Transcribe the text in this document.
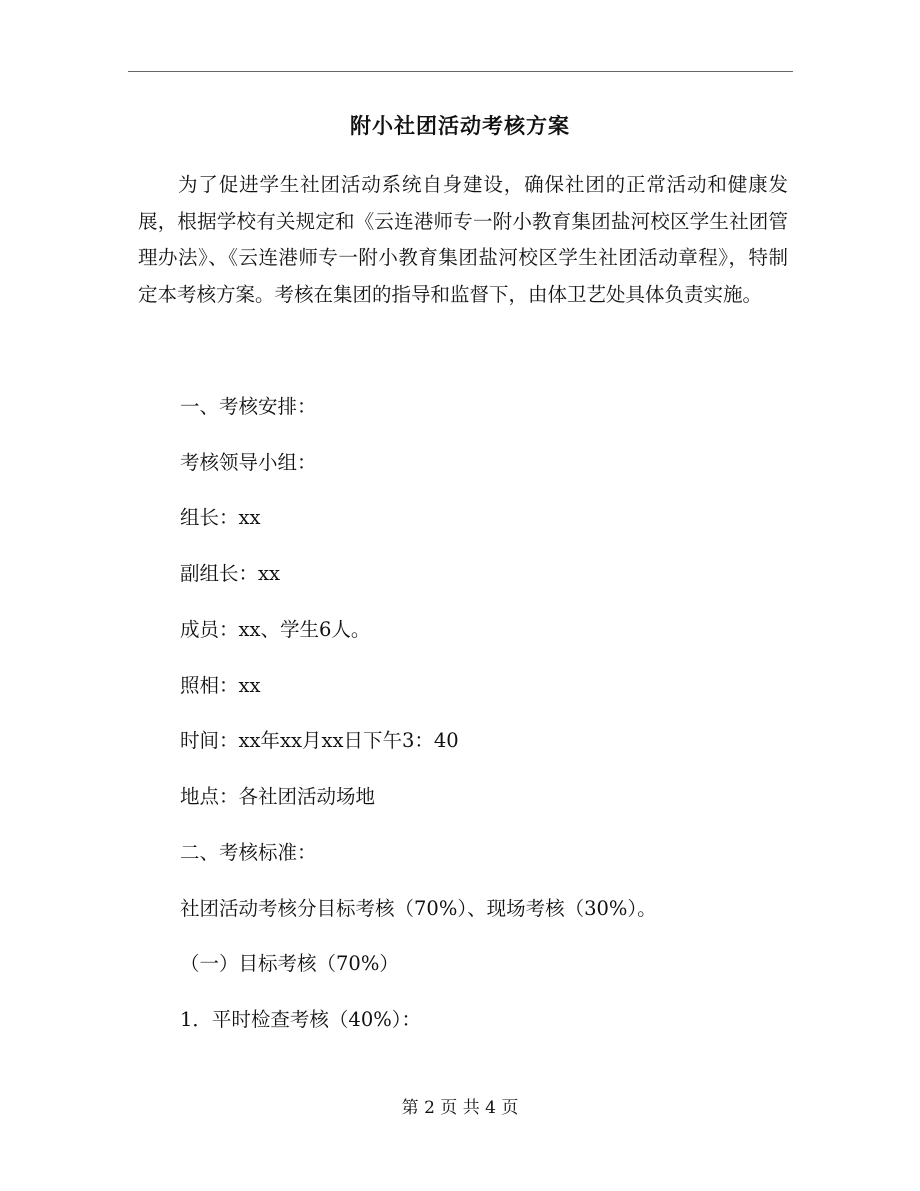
附小社团活动考核方案

为了促进学生社团活动系统自身建设，确保社团的正常活动和健康发展，根据学校有关规定和《云连港师专一附小教育集团盐河校区学生社团管理办法》、《云连港师专一附小教育集团盐河校区学生社团活动章程》，特制定本考核方案。考核在集团的指导和监督下，由体卫艺处具体负责实施。

一、考核安排：

考核领导小组：

组长：xx

副组长：xx

成员：xx、学生6人。

照相：xx

时间：xx年xx月xx日下午3：40

地点：各社团活动场地

二、考核标准：

社团活动考核分目标考核（70%）、现场考核（30%）。

（一）目标考核（70%）

1．平时检查考核（40%）：

第 2 页 共 4 页
